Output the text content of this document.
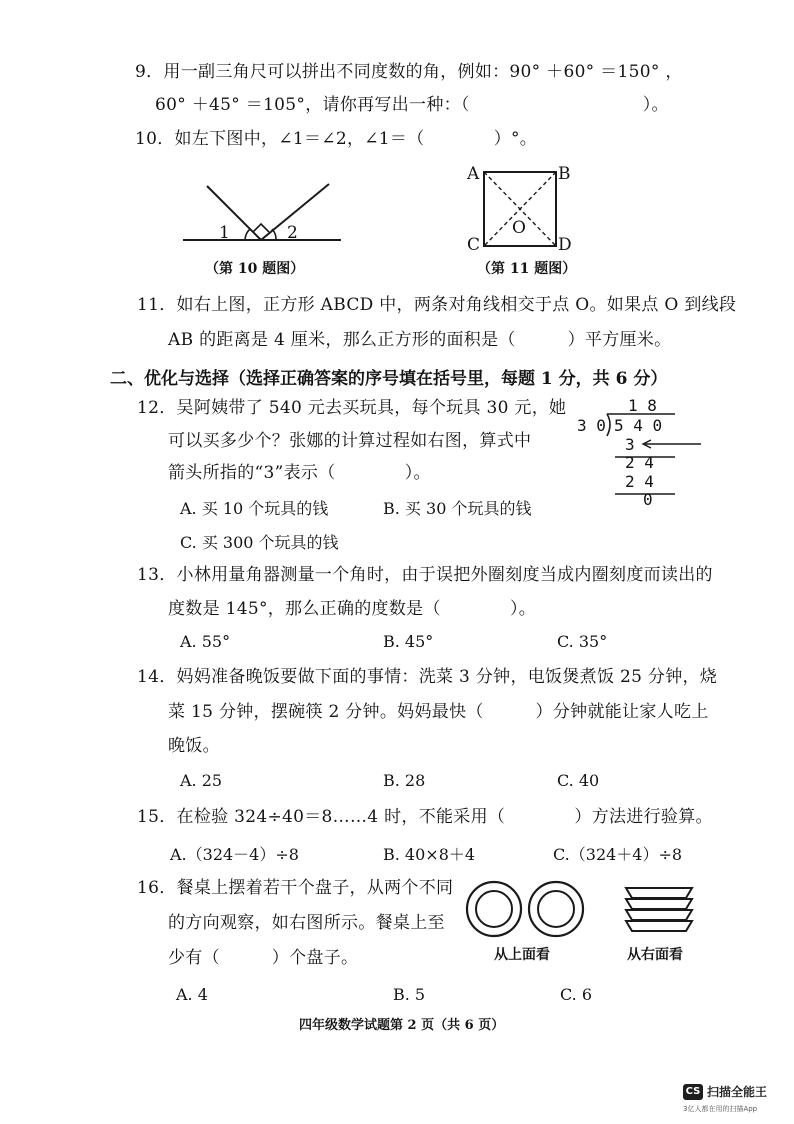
9．用一副三角尺可以拼出不同度数的角，例如：90° ＋60° ＝150° ，
60° ＋45° ＝105°，请你再写出一种：（　　　　　　　　　　）。
10．如左下图中，∠1＝∠2，∠1＝（　　　　）°。
1	2
（第 10 题图）
A	B
C	D
O
（第 11 题图）
11．如右上图，正方形 ABCD 中，两条对角线相交于点 O。如果点 O 到线段
AB 的距离是 4 厘米，那么正方形的面积是（　　　）平方厘米。
二、优化与选择（选择正确答案的序号填在括号里，每题 1 分，共 6 分）
12．吴阿姨带了 540 元去买玩具，每个玩具 30 元，她
可以买多少个？张娜的计算过程如右图，算式中
箭头所指的“3”表示（　　　　）。
A. 买 10 个玩具的钱	B. 买 30 个玩具的钱
C. 买 300 个玩具的钱
1 8
3 0 5 4 0
3
2 4
2 4
0
13．小林用量角器测量一个角时，由于误把外圈刻度当成内圈刻度而读出的
度数是 145°，那么正确的度数是（　　　　）。
A. 55°	B. 45°	C. 35°
14．妈妈准备晚饭要做下面的事情：洗菜 3 分钟，电饭煲煮饭 25 分钟，烧
菜 15 分钟，摆碗筷 2 分钟。妈妈最快（　　　）分钟就能让家人吃上
晚饭。
A. 25	B. 28	C. 40
15．在检验 324÷40＝8……4 时，不能采用（　　　　）方法进行验算。
A.（324－4）÷8	B. 40×8＋4	C.（324＋4）÷8
16．餐桌上摆着若干个盘子，从两个不同
的方向观察，如右图所示。餐桌上至
少有（　　　）个盘子。	从上面看	从右面看
A. 4	B. 5	C. 6
四年级数学试题第 2 页（共 6 页）
CS 扫描全能王
3亿人都在用的扫描App
